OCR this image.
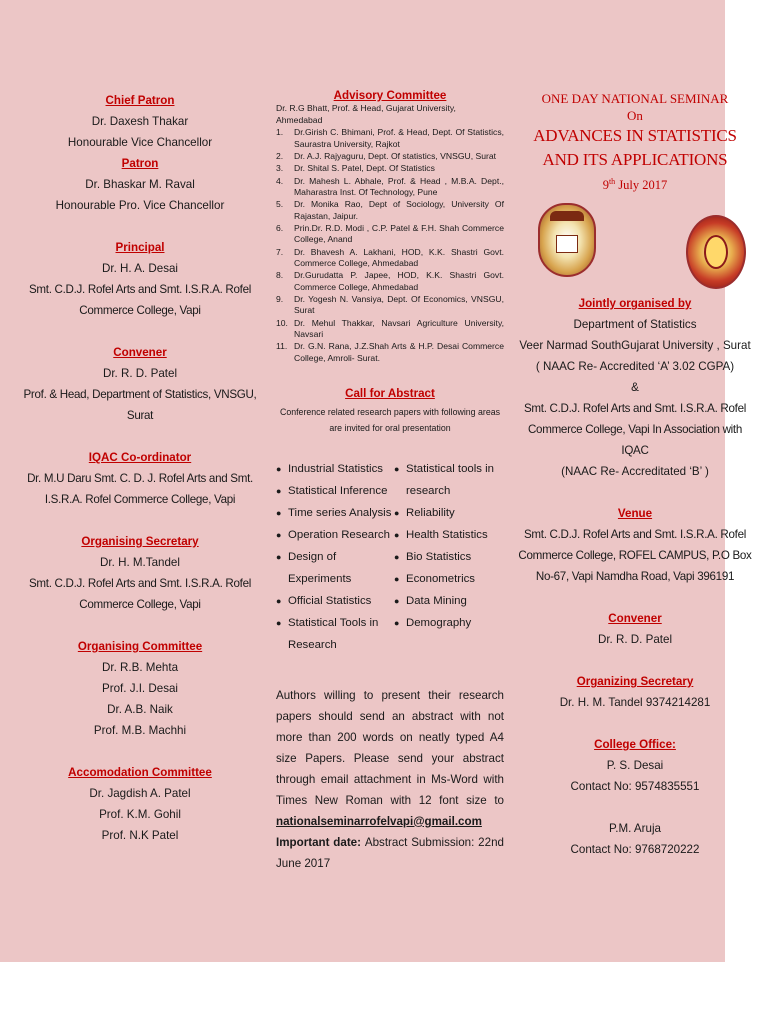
Chief Patron
Dr. Daxesh Thakar
Honourable Vice Chancellor
Patron
Dr. Bhaskar M. Raval
Honourable Pro. Vice Chancellor
Principal
Dr. H. A. Desai
Smt. C.D.J. Rofel Arts and Smt. I.S.R.A. Rofel Commerce College, Vapi
Convener
Dr. R. D. Patel
Prof. & Head, Department of Statistics, VNSGU, Surat
IQAC Co-ordinator
Dr. M.U Daru Smt. C. D. J. Rofel Arts and Smt. I.S.R.A. Rofel Commerce College, Vapi
Organising Secretary
Dr. H. M.Tandel
Smt. C.D.J. Rofel Arts and Smt. I.S.R.A. Rofel Commerce College, Vapi
Organising Committee
Dr. R.B. Mehta
Prof. J.I. Desai
Dr. A.B. Naik
Prof. M.B. Machhi
Accomodation Committee
Dr. Jagdish A. Patel
Prof. K.M. Gohil
Prof. N.K Patel
Advisory Committee
Dr. R.G Bhatt, Prof. & Head, Gujarat University, Ahmedabad
1.	Dr.Girish C. Bhimani, Prof. & Head, Dept. Of Statistics, Saurastra University, Rajkot
2.	Dr. A.J. Rajyaguru, Dept. Of statistics, VNSGU, Surat
3.	Dr. Shital S. Patel, Dept. Of Statistics
4.	Dr. Mahesh L. Abhale, Prof. & Head , M.B.A. Dept., Maharastra Inst. Of Technology, Pune
5.	Dr. Monika Rao, Dept of Sociology, University Of Rajastan, Jaipur.
6.	Prin.Dr. R.D. Modi , C.P. Patel & F.H. Shah Commerce College, Anand
7.	Dr. Bhavesh A. Lakhani, HOD, K.K. Shastri Govt. Commerce College, Ahmedabad
8.	Dr.Gurudatta P. Japee, HOD, K.K. Shastri Govt. Commerce College, Ahmedabad
9.	Dr. Yogesh N. Vansiya, Dept. Of Economics, VNSGU, Surat
10. Dr. Mehul Thakkar, Navsari Agriculture University, Navsari
11. Dr. G.N. Rana, J.Z.Shah Arts & H.P. Desai Commerce College, Amroli- Surat.
Call for Abstract
Conference related research papers with following areas are invited for oral presentation
● Industrial Statistics
● Statistical Inference
● Time series Analysis
● Operation Research
● Design of Experiments
● Official Statistics
● Statistical Tools in Research
● Statistical tools in research
● Reliability
● Health Statistics
● Bio Statistics
● Econometrics
● Data Mining
● Demography
Authors willing to present their research papers should send an abstract with not more than 200 words on neatly typed A4 size Papers. Please send your abstract through email attachment in Ms-Word with Times New Roman with 12 font size to nationalseminarrofelvapi@gmail.com
Important date: Abstract Submission: 22nd June 2017
ONE DAY NATIONAL SEMINAR
On
ADVANCES IN STATISTICS AND ITS APPLICATIONS
9th July 2017
Jointly organised by
Department of Statistics
Veer Narmad SouthGujarat University , Surat
( NAAC Re- Accredited ‘A’ 3.02 CGPA)
&
Smt. C.D.J. Rofel Arts and Smt. I.S.R.A. Rofel Commerce College, Vapi In Association with IQAC
(NAAC Re- Accreditated ‘B’ )
Venue
Smt. C.D.J. Rofel Arts and Smt. I.S.R.A. Rofel Commerce College, ROFEL CAMPUS, P.O Box No-67, Vapi Namdha Road, Vapi 396191
Convener
Dr. R. D. Patel
Organizing Secretary
Dr. H. M. Tandel 9374214281
College Office:
P. S. Desai
Contact No: 9574835551
P.M. Aruja
Contact No: 9768720222
